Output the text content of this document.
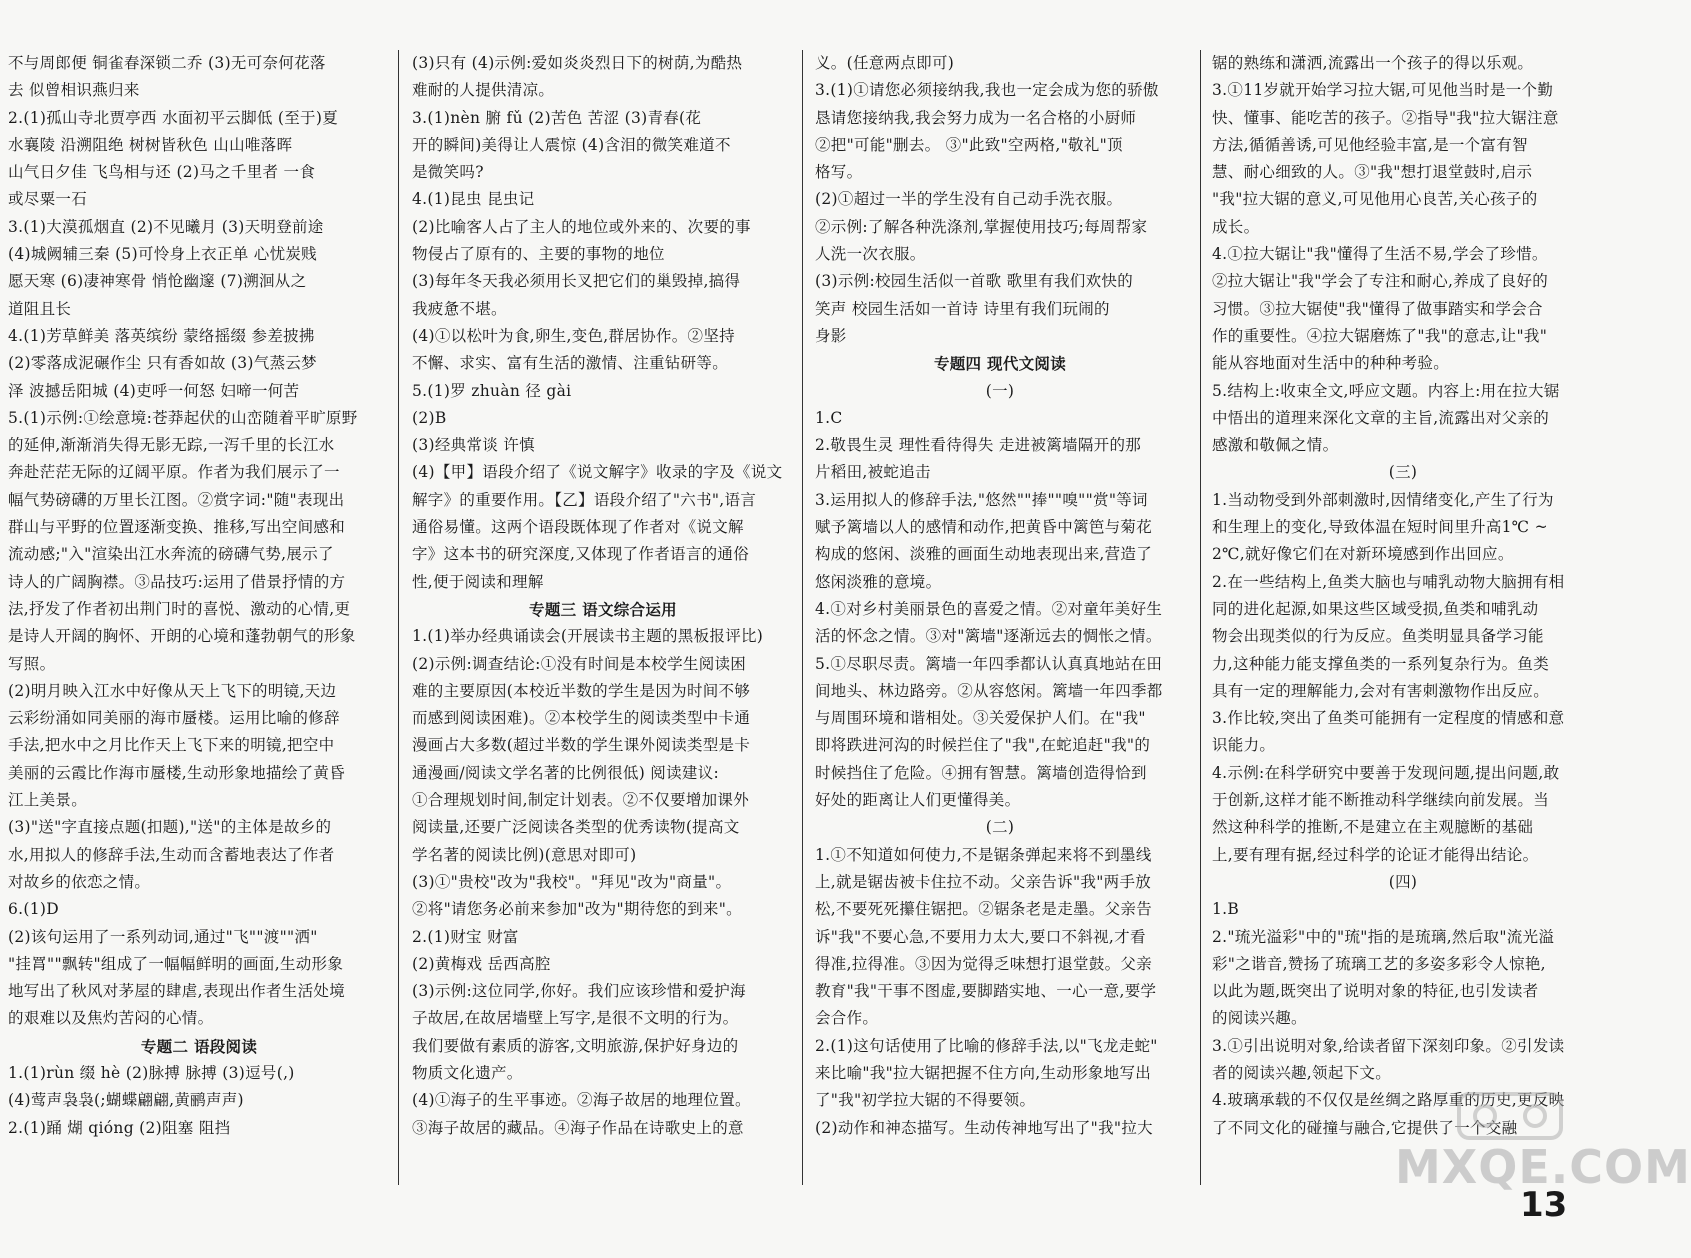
不与周郎便 铜雀春深锁二乔 (3)无可奈何花落
去 似曾相识燕归来
2.(1)孤山寺北贾亭西 水面初平云脚低 (至于)夏
水襄陵 沿溯阻绝 树树皆秋色 山山唯落晖
山气日夕佳 飞鸟相与还 (2)马之千里者 一食
或尽粟一石
3.(1)大漠孤烟直 (2)不见曦月 (3)天明登前途
(4)城阙辅三秦 (5)可怜身上衣正单 心忧炭贱
愿天寒 (6)凄神寒骨 悄怆幽邃 (7)溯洄从之
道阻且长
4.(1)芳草鲜美 落英缤纷 蒙络摇缀 参差披拂
(2)零落成泥碾作尘 只有香如故 (3)气蒸云梦
泽 波撼岳阳城 (4)吏呼一何怒 妇啼一何苦
5.(1)示例:①绘意境:苍莽起伏的山峦随着平旷原野
的延伸,渐渐消失得无影无踪,一泻千里的长江水
奔赴茫茫无际的辽阔平原。作者为我们展示了一
幅气势磅礴的万里长江图。②赏字词:"随"表现出
群山与平野的位置逐渐变换、推移,写出空间感和
流动感;"入"渲染出江水奔流的磅礴气势,展示了
诗人的广阔胸襟。③品技巧:运用了借景抒情的方
法,抒发了作者初出荆门时的喜悦、激动的心情,更
是诗人开阔的胸怀、开朗的心境和蓬勃朝气的形象
写照。
(2)明月映入江水中好像从天上飞下的明镜,天边
云彩纷涌如同美丽的海市蜃楼。运用比喻的修辞
手法,把水中之月比作天上飞下来的明镜,把空中
美丽的云霞比作海市蜃楼,生动形象地描绘了黄昏
江上美景。
(3)"送"字直接点题(扣题),"送"的主体是故乡的
水,用拟人的修辞手法,生动而含蓄地表达了作者
对故乡的依恋之情。
6.(1)D
(2)该句运用了一系列动词,通过"飞""渡""洒"
"挂罥""飘转"组成了一幅幅鲜明的画面,生动形象
地写出了秋风对茅屋的肆虐,表现出作者生活处境
的艰难以及焦灼苦闷的心情。
专题二 语段阅读
1.(1)rùn 缀 hè (2)脉搏 脉搏 (3)逗号(,)
(4)莺声袅袅(;蝴蝶翩翩,黄鹂声声)
2.(1)踊 煳 qióng (2)阻塞 阻挡
(3)只有 (4)示例:爱如炎炎烈日下的树荫,为酷热
难耐的人提供清凉。
3.(1)nèn 腑 fǔ (2)苦色 苦涩 (3)青春(花
开的瞬间)美得让人震惊 (4)含泪的微笑难道不
是微笑吗?
4.(1)昆虫 昆虫记
(2)比喻客人占了主人的地位或外来的、次要的事
物侵占了原有的、主要的事物的地位
(3)每年冬天我必须用长叉把它们的巢毁掉,搞得
我疲惫不堪。
(4)①以松叶为食,卵生,变色,群居协作。②坚持
不懈、求实、富有生活的激情、注重钻研等。
5.(1)罗 zhuàn 径 gài
(2)B
(3)经典常谈 许慎
(4)【甲】语段介绍了《说文解字》收录的字及《说文
解字》的重要作用。【乙】语段介绍了"六书",语言
通俗易懂。这两个语段既体现了作者对《说文解
字》这本书的研究深度,又体现了作者语言的通俗
性,便于阅读和理解
专题三 语文综合运用
1.(1)举办经典诵读会(开展读书主题的黑板报评比)
(2)示例:调查结论:①没有时间是本校学生阅读困
难的主要原因(本校近半数的学生是因为时间不够
而感到阅读困难)。②本校学生的阅读类型中卡通
漫画占大多数(超过半数的学生课外阅读类型是卡
通漫画/阅读文学名著的比例很低) 阅读建议:
①合理规划时间,制定计划表。②不仅要增加课外
阅读量,还要广泛阅读各类型的优秀读物(提高文
学名著的阅读比例)(意思对即可)
(3)①"贵校"改为"我校"。"拜见"改为"商量"。
②将"请您务必前来参加"改为"期待您的到来"。
2.(1)财宝 财富
(2)黄梅戏 岳西高腔
(3)示例:这位同学,你好。我们应该珍惜和爱护海
子故居,在故居墙壁上写字,是很不文明的行为。
我们要做有素质的游客,文明旅游,保护好身边的
物质文化遗产。
(4)①海子的生平事迹。②海子故居的地理位置。
③海子故居的藏品。④海子作品在诗歌史上的意
义。(任意两点即可)
3.(1)①请您必须接纳我,我也一定会成为您的骄傲
恳请您接纳我,我会努力成为一名合格的小厨师
②把"可能"删去。 ③"此致"空两格,"敬礼"顶
格写。
(2)①超过一半的学生没有自己动手洗衣服。
②示例:了解各种洗涤剂,掌握使用技巧;每周帮家
人洗一次衣服。
(3)示例:校园生活似一首歌 歌里有我们欢快的
笑声 校园生活如一首诗 诗里有我们玩闹的
身影
专题四 现代文阅读
(一)
1.C
2.敬畏生灵 理性看待得失 走进被篱墙隔开的那
片稻田,被蛇追击
3.运用拟人的修辞手法,"悠然""捧""嗅""赏"等词
赋予篱墙以人的感情和动作,把黄昏中篱笆与菊花
构成的悠闲、淡雅的画面生动地表现出来,营造了
悠闲淡雅的意境。
4.①对乡村美丽景色的喜爱之情。②对童年美好生
活的怀念之情。③对"篱墙"逐渐远去的惆怅之情。
5.①尽职尽责。篱墙一年四季都认认真真地站在田
间地头、林边路旁。②从容悠闲。篱墙一年四季都
与周围环境和谐相处。③关爱保护人们。在"我"
即将跌进河沟的时候拦住了"我",在蛇追赶"我"的
时候挡住了危险。④拥有智慧。篱墙创造得恰到
好处的距离让人们更懂得美。
(二)
1.①不知道如何使力,不是锯条弹起来将不到墨线
上,就是锯齿被卡住拉不动。父亲告诉"我"两手放
松,不要死死攥住锯把。②锯条老是走墨。父亲告
诉"我"不要心急,不要用力太大,要口不斜视,才看
得准,拉得准。③因为觉得乏味想打退堂鼓。父亲
教育"我"干事不图虚,要脚踏实地、一心一意,要学
会合作。
2.(1)这句话使用了比喻的修辞手法,以"飞龙走蛇"
来比喻"我"拉大锯把握不住方向,生动形象地写出
了"我"初学拉大锯的不得要领。
(2)动作和神态描写。生动传神地写出了"我"拉大
锯的熟练和潇洒,流露出一个孩子的得以乐观。
3.①11岁就开始学习拉大锯,可见他当时是一个勤
快、懂事、能吃苦的孩子。②指导"我"拉大锯注意
方法,循循善诱,可见他经验丰富,是一个富有智
慧、耐心细致的人。③"我"想打退堂鼓时,启示
"我"拉大锯的意义,可见他用心良苦,关心孩子的
成长。
4.①拉大锯让"我"懂得了生活不易,学会了珍惜。
②拉大锯让"我"学会了专注和耐心,养成了良好的
习惯。③拉大锯使"我"懂得了做事踏实和学会合
作的重要性。④拉大锯磨炼了"我"的意志,让"我"
能从容地面对生活中的种种考验。
5.结构上:收束全文,呼应文题。内容上:用在拉大锯
中悟出的道理来深化文章的主旨,流露出对父亲的
感激和敬佩之情。
(三)
1.当动物受到外部刺激时,因情绪变化,产生了行为
和生理上的变化,导致体温在短时间里升高1℃ ~
2℃,就好像它们在对新环境感到作出回应。
2.在一些结构上,鱼类大脑也与哺乳动物大脑拥有相
同的进化起源,如果这些区域受损,鱼类和哺乳动
物会出现类似的行为反应。鱼类明显具备学习能
力,这种能力能支撑鱼类的一系列复杂行为。鱼类
具有一定的理解能力,会对有害刺激物作出反应。
3.作比较,突出了鱼类可能拥有一定程度的情感和意
识能力。
4.示例:在科学研究中要善于发现问题,提出问题,敢
于创新,这样才能不断推动科学继续向前发展。当
然这种科学的推断,不是建立在主观臆断的基础
上,要有理有据,经过科学的论证才能得出结论。
(四)
1.B
2."琉光溢彩"中的"琉"指的是琉璃,然后取"流光溢
彩"之谐音,赞扬了琉璃工艺的多姿多彩令人惊艳,
以此为题,既突出了说明对象的特征,也引发读者
的阅读兴趣。
3.①引出说明对象,给读者留下深刻印象。②引发读
者的阅读兴趣,领起下文。
4.玻璃承载的不仅仅是丝绸之路厚重的历史,更反映
了不同文化的碰撞与融合,它提供了一个交融
MXQE.COM
13
